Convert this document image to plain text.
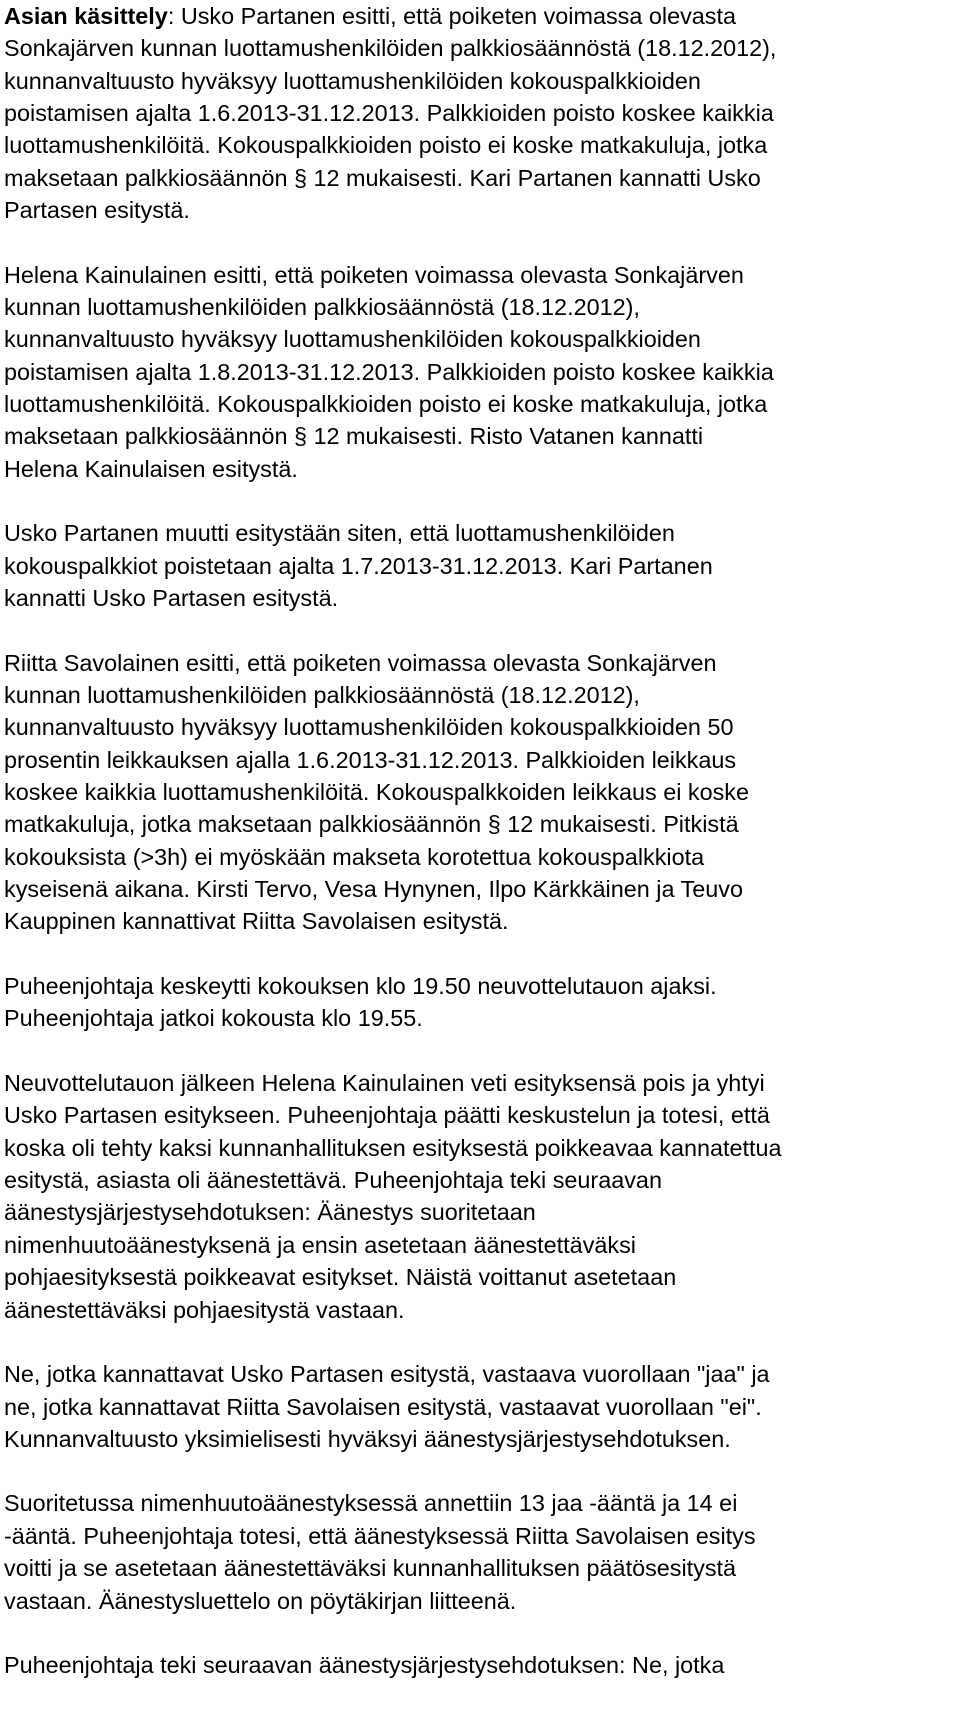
Asian käsittely: Usko Partanen esitti, että poiketen voimassa olevasta
Sonkajärven kunnan luottamushenkilöiden palkkiosäännöstä (18.12.2012),
kunnanvaltuusto hyväksyy luottamushenkilöiden kokouspalkkioiden
poistamisen ajalta 1.6.2013-31.12.2013. Palkkioiden poisto koskee kaikkia
luottamushenkilöitä. Kokouspalkkioiden poisto ei koske matkakuluja, jotka
maksetaan palkkiosäännön § 12 mukaisesti. Kari Partanen kannatti Usko
Partasen esitystä.
Helena Kainulainen esitti, että poiketen voimassa olevasta Sonkajärven
kunnan luottamushenkilöiden palkkiosäännöstä (18.12.2012),
kunnanvaltuusto hyväksyy luottamushenkilöiden kokouspalkkioiden
poistamisen ajalta 1.8.2013-31.12.2013. Palkkioiden poisto koskee kaikkia
luottamushenkilöitä. Kokouspalkkioiden poisto ei koske matkakuluja, jotka
maksetaan palkkiosäännön § 12 mukaisesti. Risto Vatanen kannatti
Helena Kainulaisen esitystä.
Usko Partanen muutti esitystään siten, että luottamushenkilöiden
kokouspalkkiot poistetaan ajalta 1.7.2013-31.12.2013. Kari Partanen
kannatti Usko Partasen esitystä.
Riitta Savolainen esitti, että poiketen voimassa olevasta Sonkajärven
kunnan luottamushenkilöiden palkkiosäännöstä (18.12.2012),
kunnanvaltuusto hyväksyy luottamushenkilöiden kokouspalkkioiden 50
prosentin leikkauksen ajalla 1.6.2013-31.12.2013. Palkkioiden leikkaus
koskee kaikkia luottamushenkilöitä. Kokouspalkkoiden leikkaus ei koske
matkakuluja, jotka maksetaan palkkiosäännön § 12 mukaisesti. Pitkistä
kokouksista (>3h) ei myöskään makseta korotettua kokouspalkkiota
kyseisenä aikana. Kirsti Tervo, Vesa Hynynen, Ilpo Kärkkäinen ja Teuvo
Kauppinen kannattivat Riitta Savolaisen esitystä.
Puheenjohtaja keskeytti kokouksen klo 19.50 neuvottelutauon ajaksi.
Puheenjohtaja jatkoi kokousta klo 19.55.
Neuvottelutauon jälkeen Helena Kainulainen veti esityksensä pois ja yhtyi
Usko Partasen esitykseen. Puheenjohtaja päätti keskustelun ja totesi, että
koska oli tehty kaksi kunnanhallituksen esityksestä poikkeavaa kannatettua
esitystä, asiasta oli äänestettävä. Puheenjohtaja teki seuraavan
äänestysjärjestysehdotuksen: Äänestys suoritetaan
nimenhuutoäänestyksenä ja ensin asetetaan äänestettäväksi
pohjaesityksestä poikkeavat esitykset. Näistä voittanut asetetaan
äänestettäväksi pohjaesitystä vastaan.
Ne, jotka kannattavat Usko Partasen esitystä, vastaava vuorollaan "jaa" ja
ne, jotka kannattavat Riitta Savolaisen esitystä, vastaavat vuorollaan "ei".
Kunnanvaltuusto yksimielisesti hyväksyi äänestysjärjestysehdotuksen.
Suoritetussa nimenhuutoäänestyksessä annettiin 13 jaa -ääntä ja 14 ei
-ääntä. Puheenjohtaja totesi, että äänestyksessä Riitta Savolaisen esitys
voitti ja se asetetaan äänestettäväksi kunnanhallituksen päätösesitystä
vastaan. Äänestysluettelo on pöytäkirjan liitteenä.
Puheenjohtaja teki seuraavan äänestysjärjestysehdotuksen: Ne, jotka
